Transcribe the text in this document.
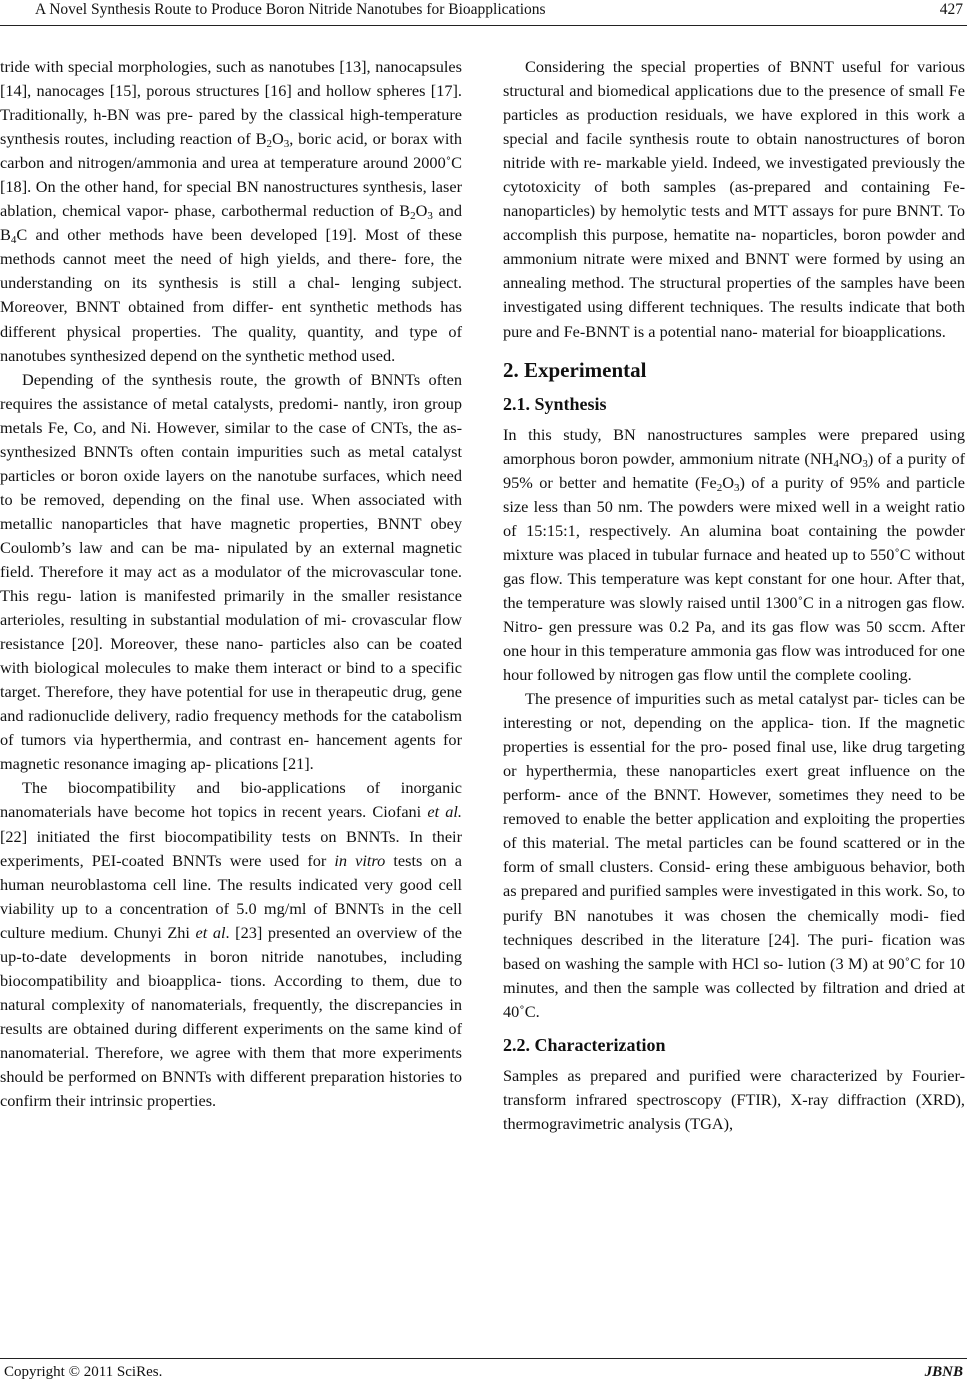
A Novel Synthesis Route to Produce Boron Nitride Nanotubes for Bioapplications	427

tride with special morphologies, such as nanotubes [13], nanocapsules [14], nanocages [15], porous structures [16] and hollow spheres [17]. Traditionally, h-BN was pre- pared by the classical high-temperature synthesis routes, including reaction of $B_2O_3$, boric acid, or borax with carbon and nitrogen/ammonia and urea at temperature around 2000˚C [18]. On the other hand, for special BN nanostructures synthesis, laser ablation, chemical vapor- phase, carbothermal reduction of $B_2O_3$ and $B_4C$ and other methods have been developed [19]. Most of these methods cannot meet the need of high yields, and there- fore, the understanding on its synthesis is still a chal- lenging subject. Moreover, BNNT obtained from differ- ent synthetic methods has different physical properties. The quality, quantity, and type of nanotubes synthesized depend on the synthetic method used.

Depending of the synthesis route, the growth of BNNTs often requires the assistance of metal catalysts, predomi- nantly, iron group metals Fe, Co, and Ni. However, similar to the case of CNTs, the as-synthesized BNNTs often contain impurities such as metal catalyst particles or boron oxide layers on the nanotube surfaces, which need to be removed, depending on the final use. When associated with metallic nanoparticles that have magnetic properties, BNNT obey Coulomb’s law and can be ma- nipulated by an external magnetic field. Therefore it may act as a modulator of the microvascular tone. This regu- lation is manifested primarily in the smaller resistance arterioles, resulting in substantial modulation of mi- crovascular flow resistance [20]. Moreover, these nano- particles also can be coated with biological molecules to make them interact or bind to a specific target. Therefore, they have potential for use in therapeutic drug, gene and radionuclide delivery, radio frequency methods for the catabolism of tumors via hyperthermia, and contrast en- hancement agents for magnetic resonance imaging ap- plications [21].

The biocompatibility and bio-applications of inorganic nanomaterials have become hot topics in recent years. Ciofani et al. [22] initiated the first biocompatibility tests on BNNTs. In their experiments, PEI-coated BNNTs were used for in vitro tests on a human neuroblastoma cell line. The results indicated very good cell viability up to a concentration of 5.0 mg/ml of BNNTs in the cell culture medium. Chunyi Zhi et al. [23] presented an overview of the up-to-date developments in boron nitride nanotubes, including biocompatibility and bioapplica- tions. According to them, due to natural complexity of nanomaterials, frequently, the discrepancies in results are obtained during different experiments on the same kind of nanomaterial. Therefore, we agree with them that more experiments should be performed on BNNTs with different preparation histories to confirm their intrinsic properties.

Considering the special properties of BNNT useful for various structural and biomedical applications due to the presence of small Fe particles as production residuals, we have explored in this work a special and facile synthesis route to obtain nanostructures of boron nitride with re- markable yield. Indeed, we investigated previously the cytotoxicity of both samples (as-prepared and containing Fe-nanoparticles) by hemolytic tests and MTT assays for pure BNNT. To accomplish this purpose, hematite na- noparticles, boron powder and ammonium nitrate were mixed and BNNT were formed by using an annealing method. The structural properties of the samples have been investigated using different techniques. The results indicate that both pure and Fe-BNNT is a potential nano- material for bioapplications.

2. Experimental
2.1. Synthesis

In this study, BN nanostructures samples were prepared using amorphous boron powder, ammonium nitrate $(NH_4NO_3)$ of a purity of 95% or better and hematite $(Fe_2O_3)$ of a purity of 95% and particle size less than 50 nm. The powders were mixed well in a weight ratio of 15:15:1, respectively. An alumina boat containing the powder mixture was placed in tubular furnace and heated up to 550˚C without gas flow. This temperature was kept constant for one hour. After that, the temperature was slowly raised until 1300˚C in a nitrogen gas flow. Nitro- gen pressure was 0.2 Pa, and its gas flow was 50 sccm. After one hour in this temperature ammonia gas flow was introduced for one hour followed by nitrogen gas flow until the complete cooling.

The presence of impurities such as metal catalyst par- ticles can be interesting or not, depending on the applica- tion. If the magnetic properties is essential for the pro- posed final use, like drug targeting or hyperthermia, these nanoparticles exert great influence on the perform- ance of the BNNT. However, sometimes they need to be removed to enable the better application and exploiting the properties of this material. The metal particles can be found scattered or in the form of small clusters. Consid- ering these ambiguous behavior, both as prepared and purified samples were investigated in this work. So, to purify BN nanotubes it was chosen the chemically modi- fied techniques described in the literature [24]. The puri- fication was based on washing the sample with HCl so- lution (3 M) at 90˚C for 10 minutes, and then the sample was collected by filtration and dried at 40˚C.

2.2. Characterization

Samples as prepared and purified were characterized by Fourier-transform infrared spectroscopy (FTIR), X-ray diffraction (XRD), thermogravimetric analysis (TGA),

Copyright © 2011 SciRes.	JBNB
